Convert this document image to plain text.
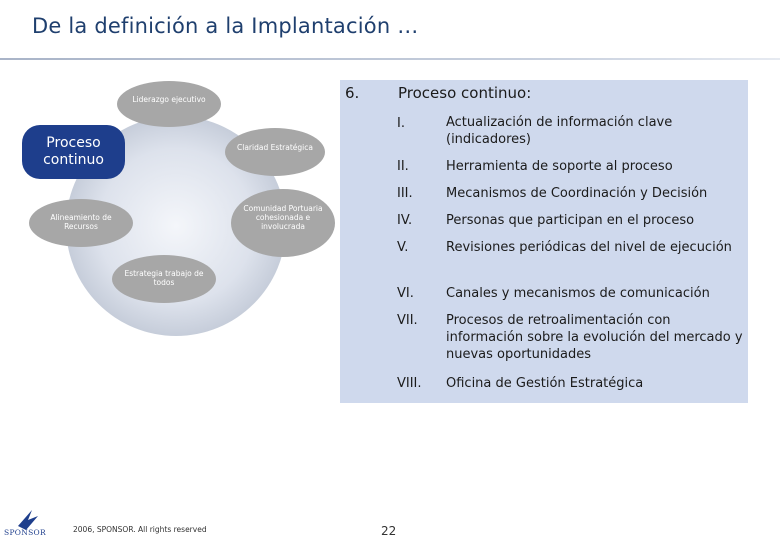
De la definición a la Implantación …
Liderazgo ejecutivo
Claridad Estratégica
Comunidad Portuaria cohesionada e involucrada
Estrategia trabajo de todos
Alineamiento de Recursos
Proceso continuo
6.	Proceso continuo:
I.	Actualización de información clave (indicadores)
II.	Herramienta de soporte al proceso
III.	Mecanismos de Coordinación y Decisión
IV.	Personas que participan en el proceso
V.	Revisiones periódicas del nivel de ejecución
VI. Canales y mecanismos de comunicación
VII. Procesos de retroalimentación con información sobre la evolución del mercado y nuevas oportunidades
VIII. Oficina de Gestión Estratégica
SPONSOR	2006, SPONSOR. All rights reserved	22
